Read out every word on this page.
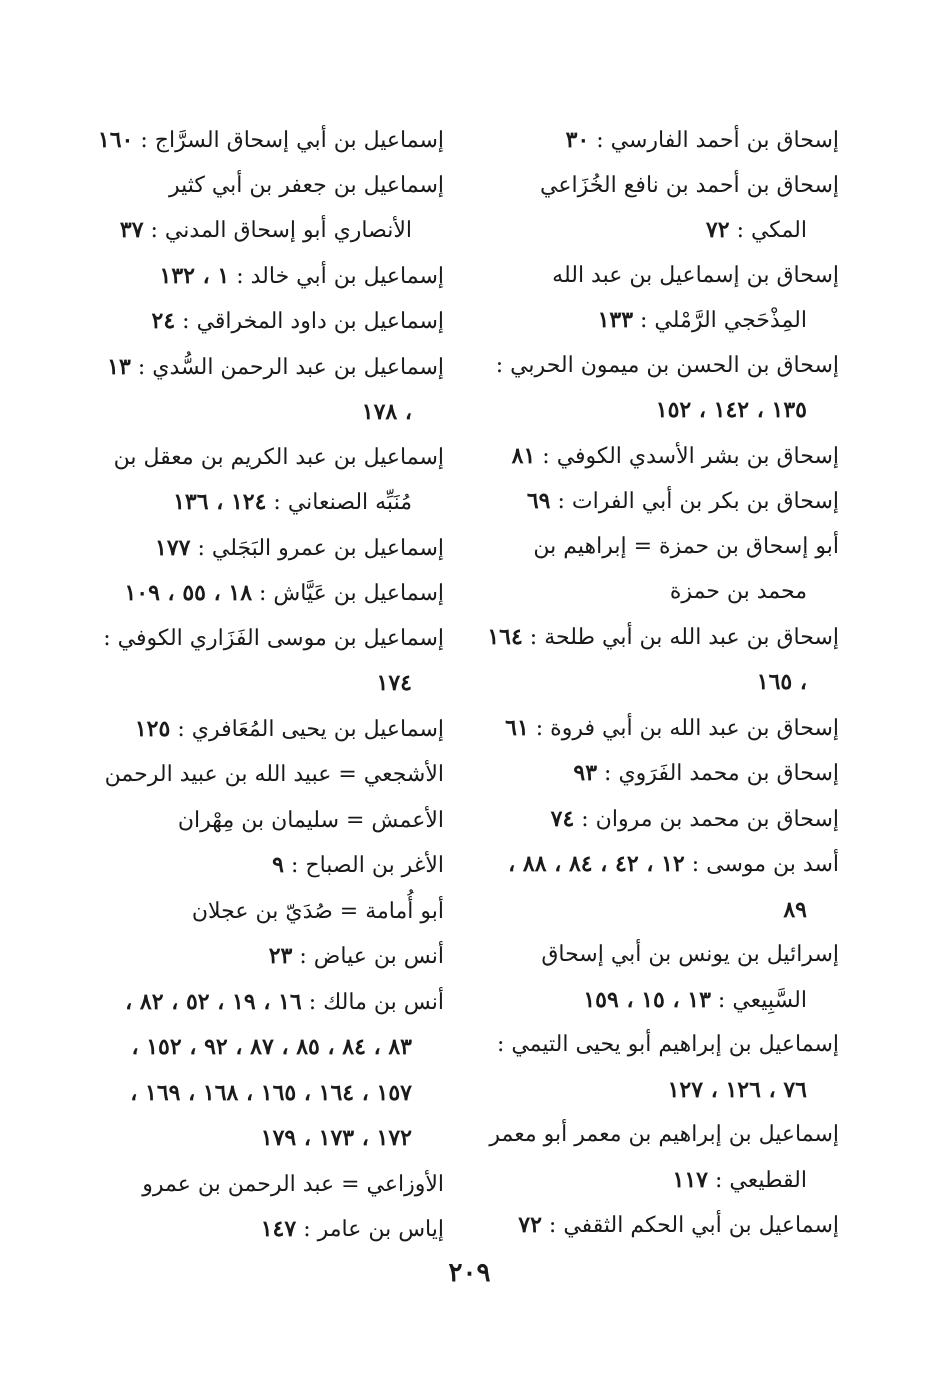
إسحاق بن أحمد الفارسي : ٣٠

إسحاق بن أحمد بن نافع الخُزَاعي المكي : ٧٢

إسحاق بن إسماعيل بن عبد الله المِذْحَجي الرَّمْلي : ١٣٣

إسحاق بن الحسن بن ميمون الحربي : ١٣٥ ، ١٤٢ ، ١٥٢

إسحاق بن بشر الأسدي الكوفي : ٨١

إسحاق بن بكر بن أبي الفرات : ٦٩

أبو إسحاق بن حمزة = إبراهيم بن محمد بن حمزة

إسحاق بن عبد الله بن أبي طلحة : ١٦٤ ، ١٦٥

إسحاق بن عبد الله بن أبي فروة : ٦١

إسحاق بن محمد الفَرَوي : ٩٣

إسحاق بن محمد بن مروان : ٧٤

أسد بن موسى : ١٢ ، ٤٢ ، ٨٤ ، ٨٨ ، ٨٩

إسرائيل بن يونس بن أبي إسحاق السَّبِيعي : ١٣ ، ١٥ ، ١٥٩

إسماعيل بن إبراهيم أبو يحيى التيمي : ٧٦ ، ١٢٦ ، ١٢٧

إسماعيل بن إبراهيم بن معمر أبو معمر القطيعي : ١١٧

إسماعيل بن أبي الحكم الثقفي : ٧٢

إسماعيل بن أبي إسحاق السرَّاج : ١٦٠

إسماعيل بن جعفر بن أبي كثير الأنصاري أبو إسحاق المدني : ٣٧

إسماعيل بن أبي خالد : ١ ، ١٣٢

إسماعيل بن داود المخراقي : ٢٤

إسماعيل بن عبد الرحمن السُّدي : ١٣ ، ١٧٨

إسماعيل بن عبد الكريم بن معقل بن مُنَبِّه الصنعاني : ١٢٤ ، ١٣٦

إسماعيل بن عمرو البَجَلي : ١٧٧

إسماعيل بن عَيَّاش : ١٨ ، ٥٥ ، ١٠٩

إسماعيل بن موسى الفَزَاري الكوفي : ١٧٤

إسماعيل بن يحيى المُعَافري : ١٢٥

الأشجعي = عبيد الله بن عبيد الرحمن

الأعمش = سليمان بن مِهْران

الأغر بن الصباح : ٩

أبو أُمامة = صُدَيّ بن عجلان

أنس بن عياض : ٢٣

أنس بن مالك : ١٦ ، ١٩ ، ٥٢ ، ٨٢ ، ٨٣ ، ٨٤ ، ٨٥ ، ٨٧ ، ٩٢ ، ١٥٢ ، ١٥٧ ، ١٦٤ ، ١٦٥ ، ١٦٨ ، ١٦٩ ، ١٧٢ ، ١٧٣ ، ١٧٩

الأوزاعي = عبد الرحمن بن عمرو

إياس بن عامر : ١٤٧

٢٠٩
